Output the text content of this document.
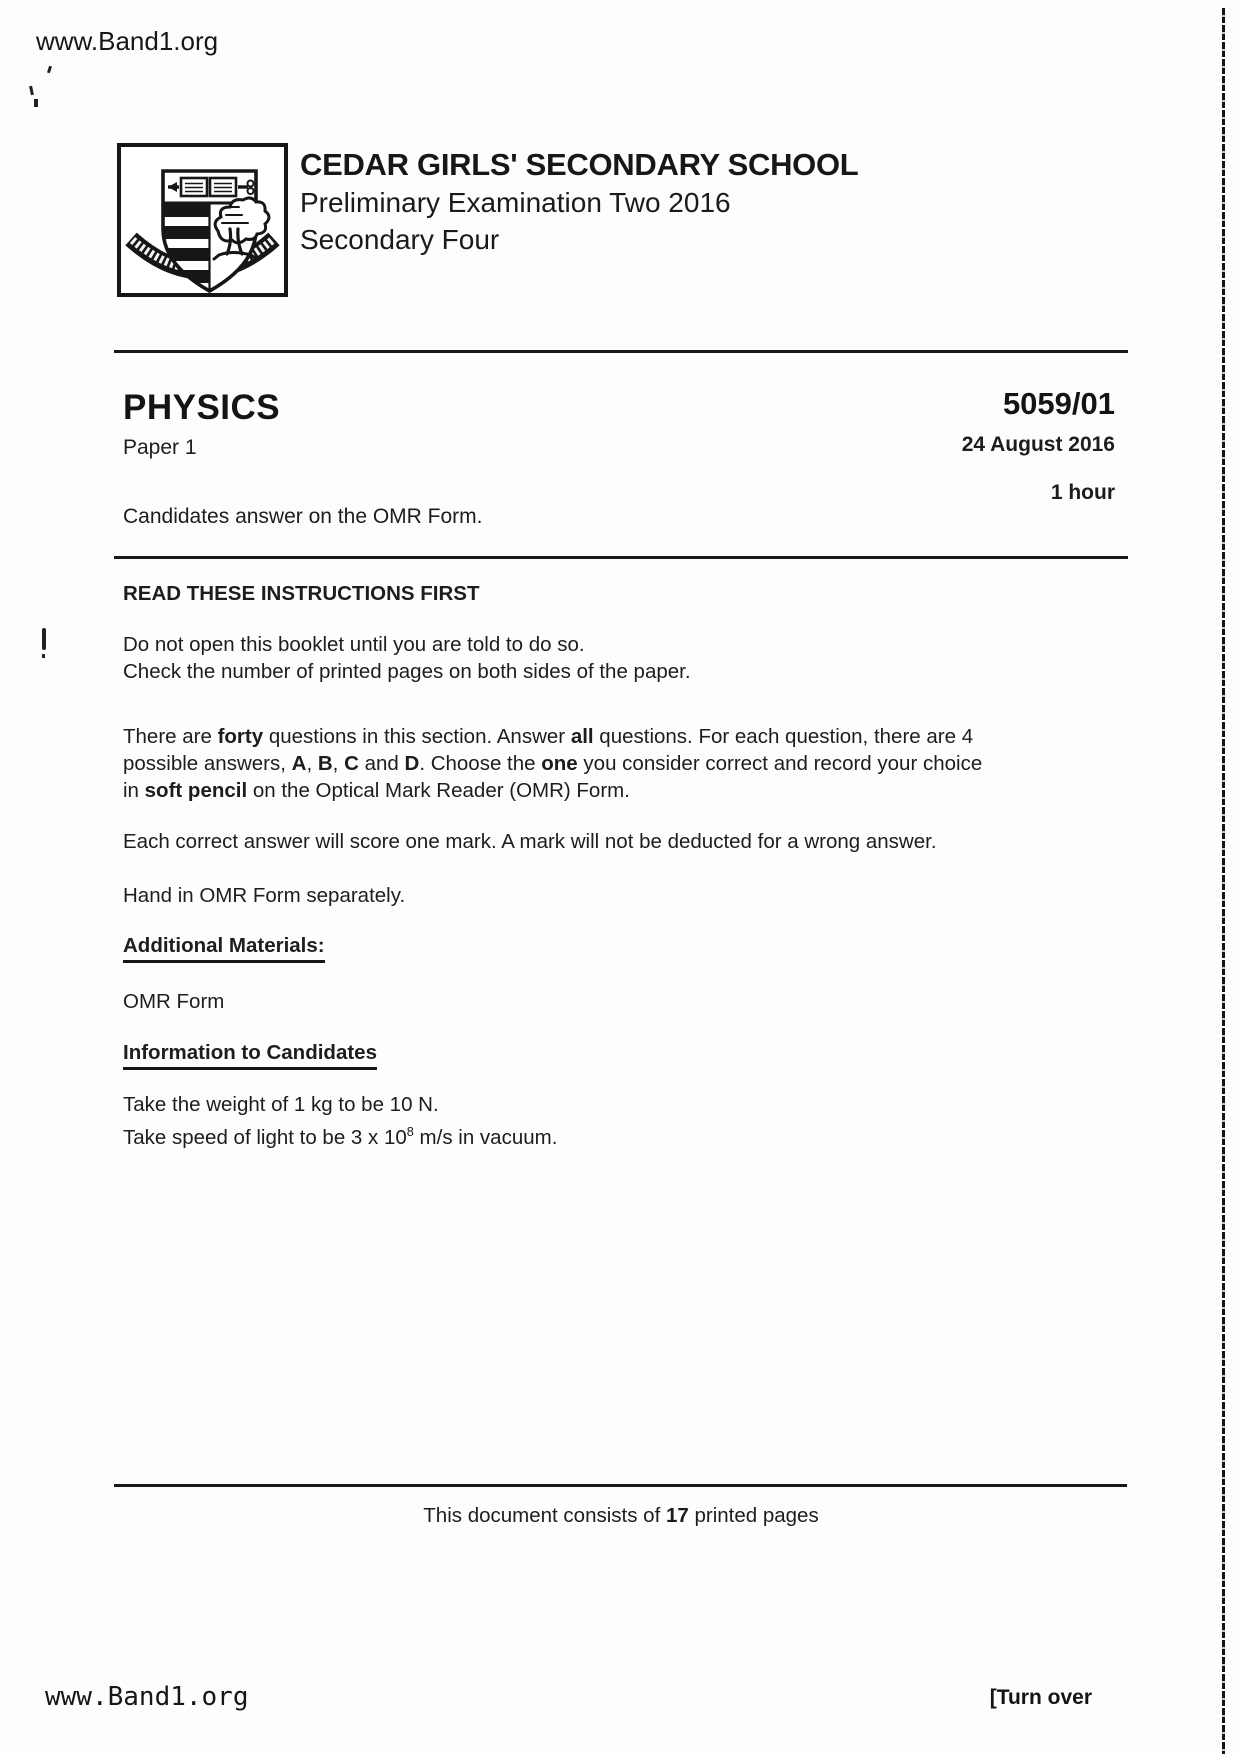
www.Band1.org
CEDAR GIRLS' SECONDARY SCHOOL
Preliminary Examination Two 2016
Secondary Four
PHYSICS
Paper 1
5059/01
24 August 2016
1 hour
Candidates answer on the OMR Form.
READ THESE INSTRUCTIONS FIRST
Do not open this booklet until you are told to do so.
Check the number of printed pages on both sides of the paper.
There are forty questions in this section. Answer all questions. For each question, there are 4
possible answers, A, B, C and D. Choose the one you consider correct and record your choice
in soft pencil on the Optical Mark Reader (OMR) Form.
Each correct answer will score one mark. A mark will not be deducted for a wrong answer.
Hand in OMR Form separately.
Additional Materials:
OMR Form
Information to Candidates
Take the weight of 1 kg to be 10 N.
Take speed of light to be 3 x $10^8$ m/s in vacuum.
This document consists of 17 printed pages
www.Band1.org	[Turn over
